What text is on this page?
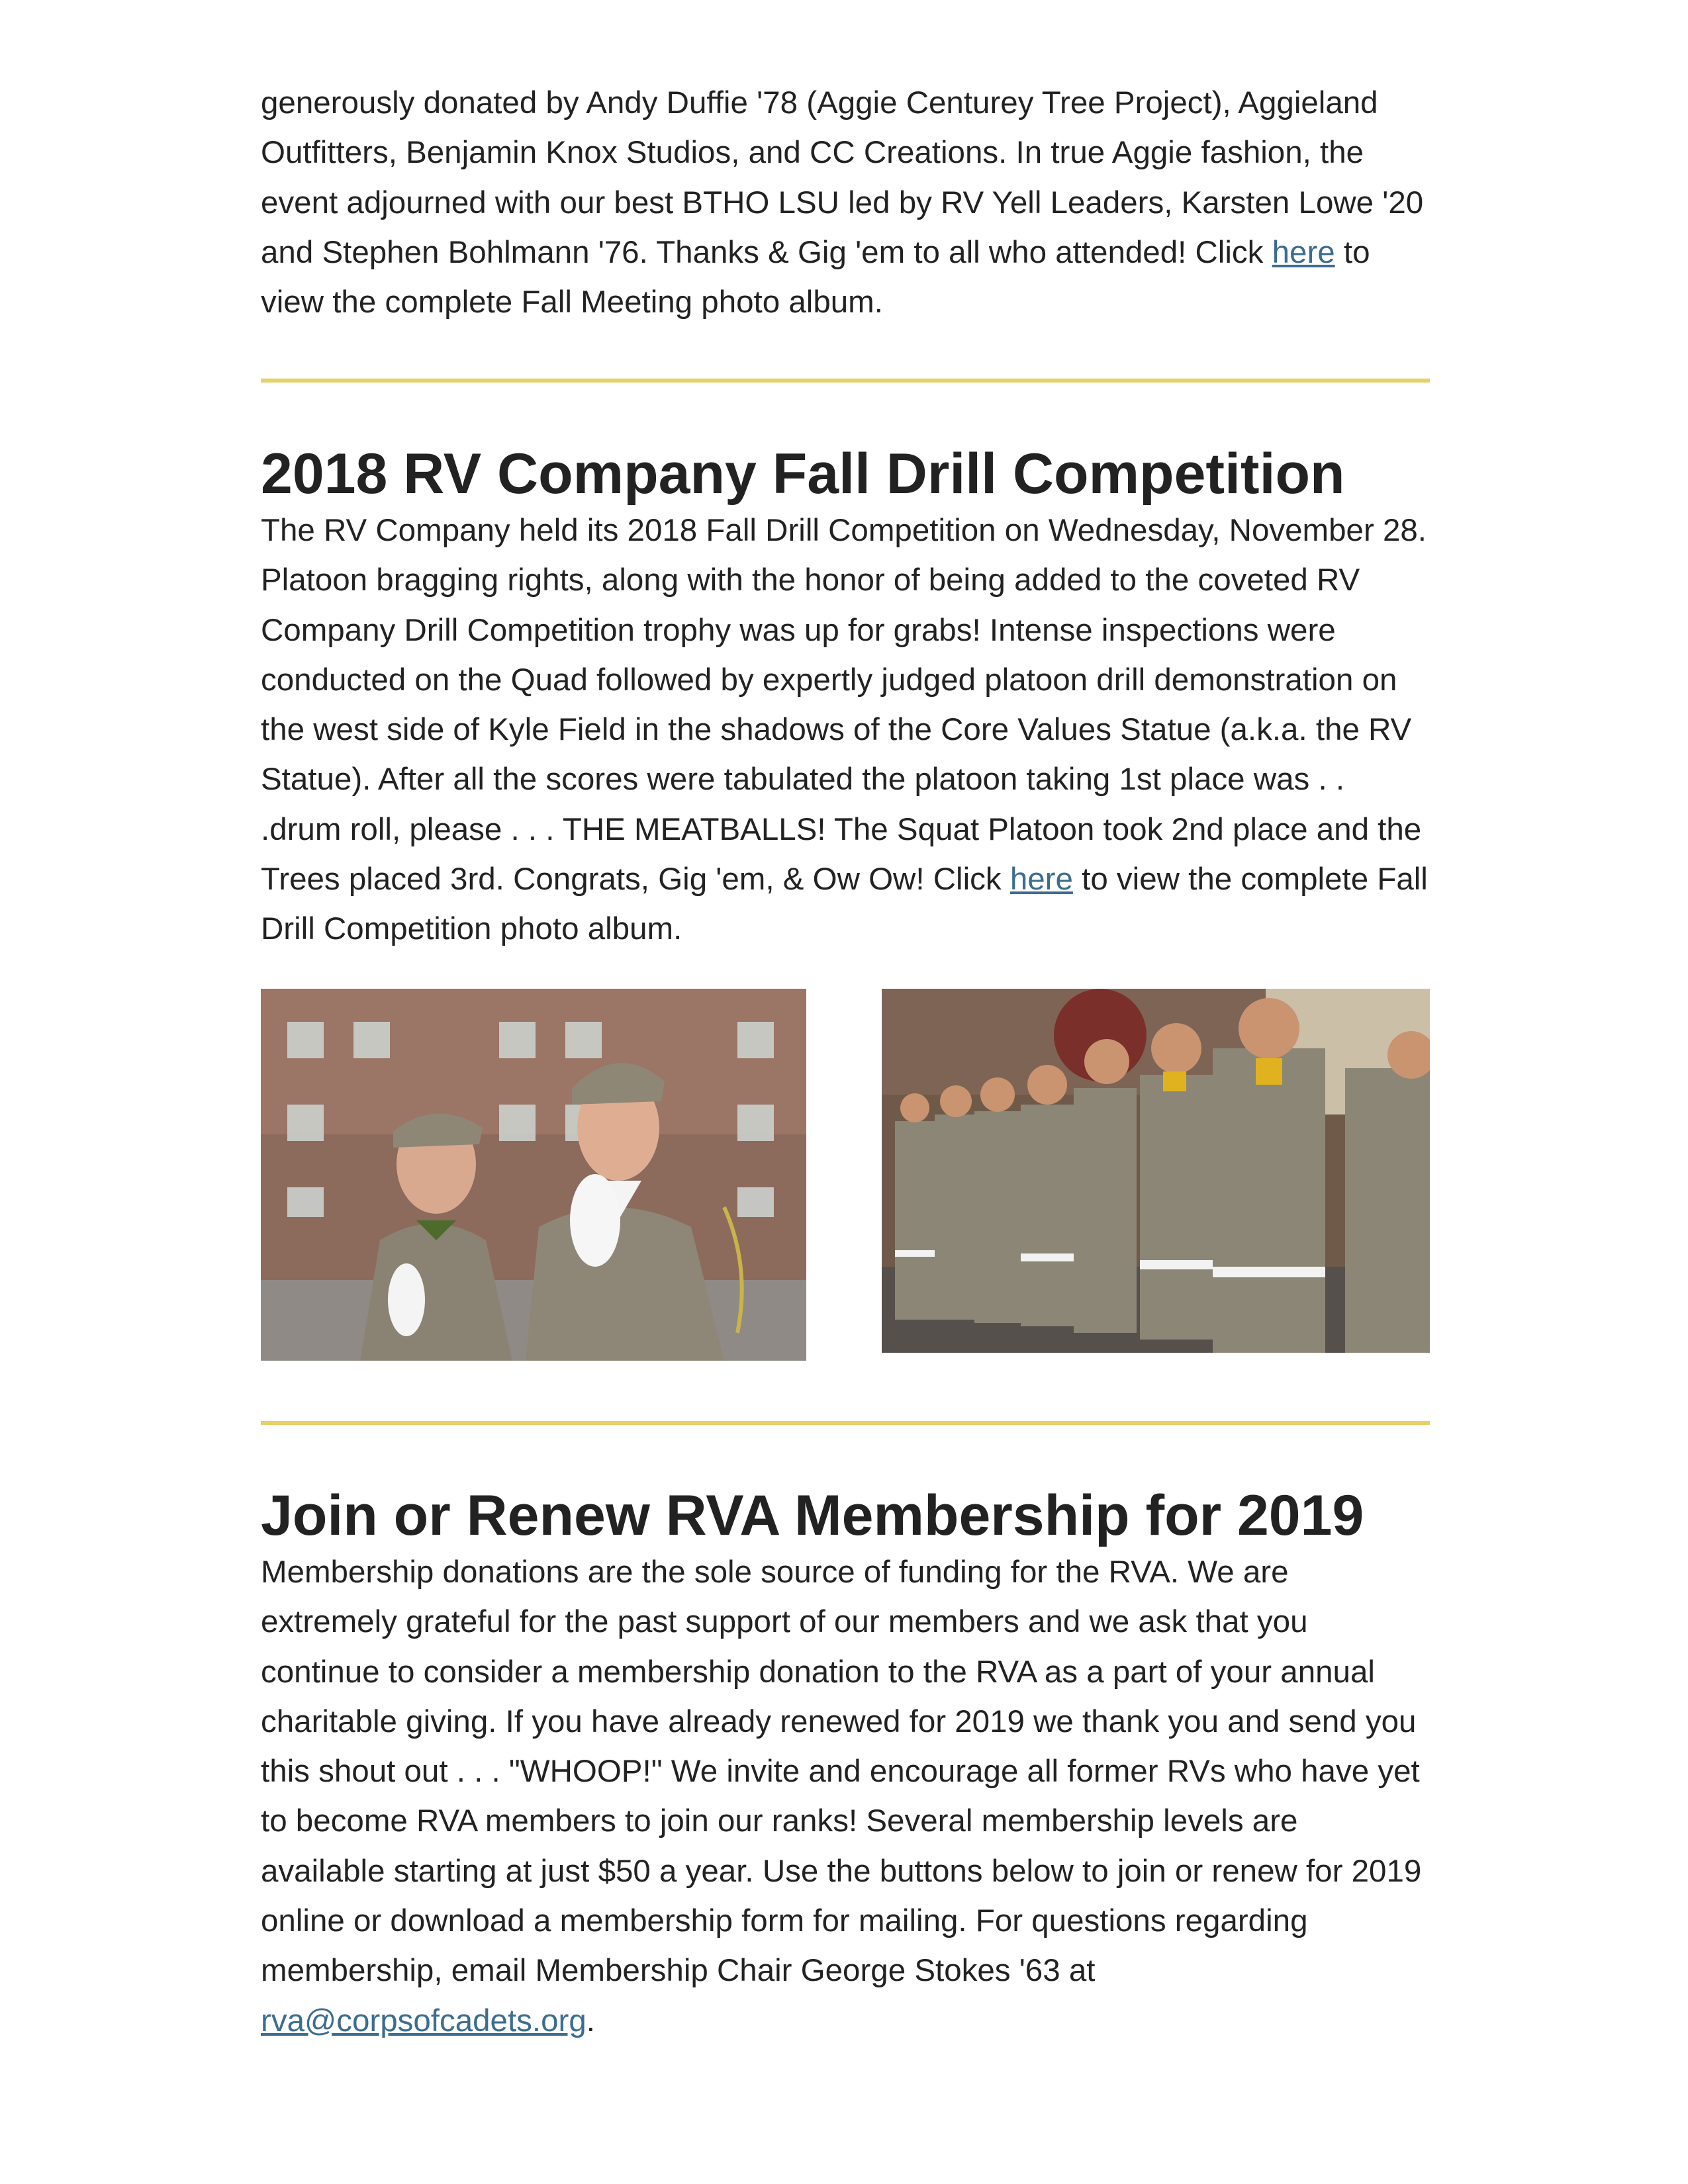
generously donated by Andy Duffie '78 (Aggie Centurey Tree Project), Aggieland Outfitters, Benjamin Knox Studios, and CC Creations. In true Aggie fashion, the event adjourned with our best BTHO LSU led by RV Yell Leaders, Karsten Lowe '20 and Stephen Bohlmann '76. Thanks & Gig 'em to all who attended! Click here to view the complete Fall Meeting photo album.

2018 RV Company Fall Drill Competition

The RV Company held its 2018 Fall Drill Competition on Wednesday, November 28. Platoon bragging rights, along with the honor of being added to the coveted RV Company Drill Competition trophy was up for grabs! Intense inspections were conducted on the Quad followed by expertly judged platoon drill demonstration on the west side of Kyle Field in the shadows of the Core Values Statue (a.k.a. the RV Statue). After all the scores were tabulated the platoon taking 1st place was . . .drum roll, please . . . THE MEATBALLS! The Squat Platoon took 2nd place and the Trees placed 3rd. Congrats, Gig 'em, & Ow Ow! Click here to view the complete Fall Drill Competition photo album.

Join or Renew RVA Membership for 2019

Membership donations are the sole source of funding for the RVA. We are extremely grateful for the past support of our members and we ask that you continue to consider a membership donation to the RVA as a part of your annual charitable giving. If you have already renewed for 2019 we thank you and send you this shout out . . . "WHOOP!" We invite and encourage all former RVs who have yet to become RVA members to join our ranks! Several membership levels are available starting at just $50 a year. Use the buttons below to join or renew for 2019 online or download a membership form for mailing. For questions regarding membership, email Membership Chair George Stokes '63 at rva@corpsofcadets.org.
